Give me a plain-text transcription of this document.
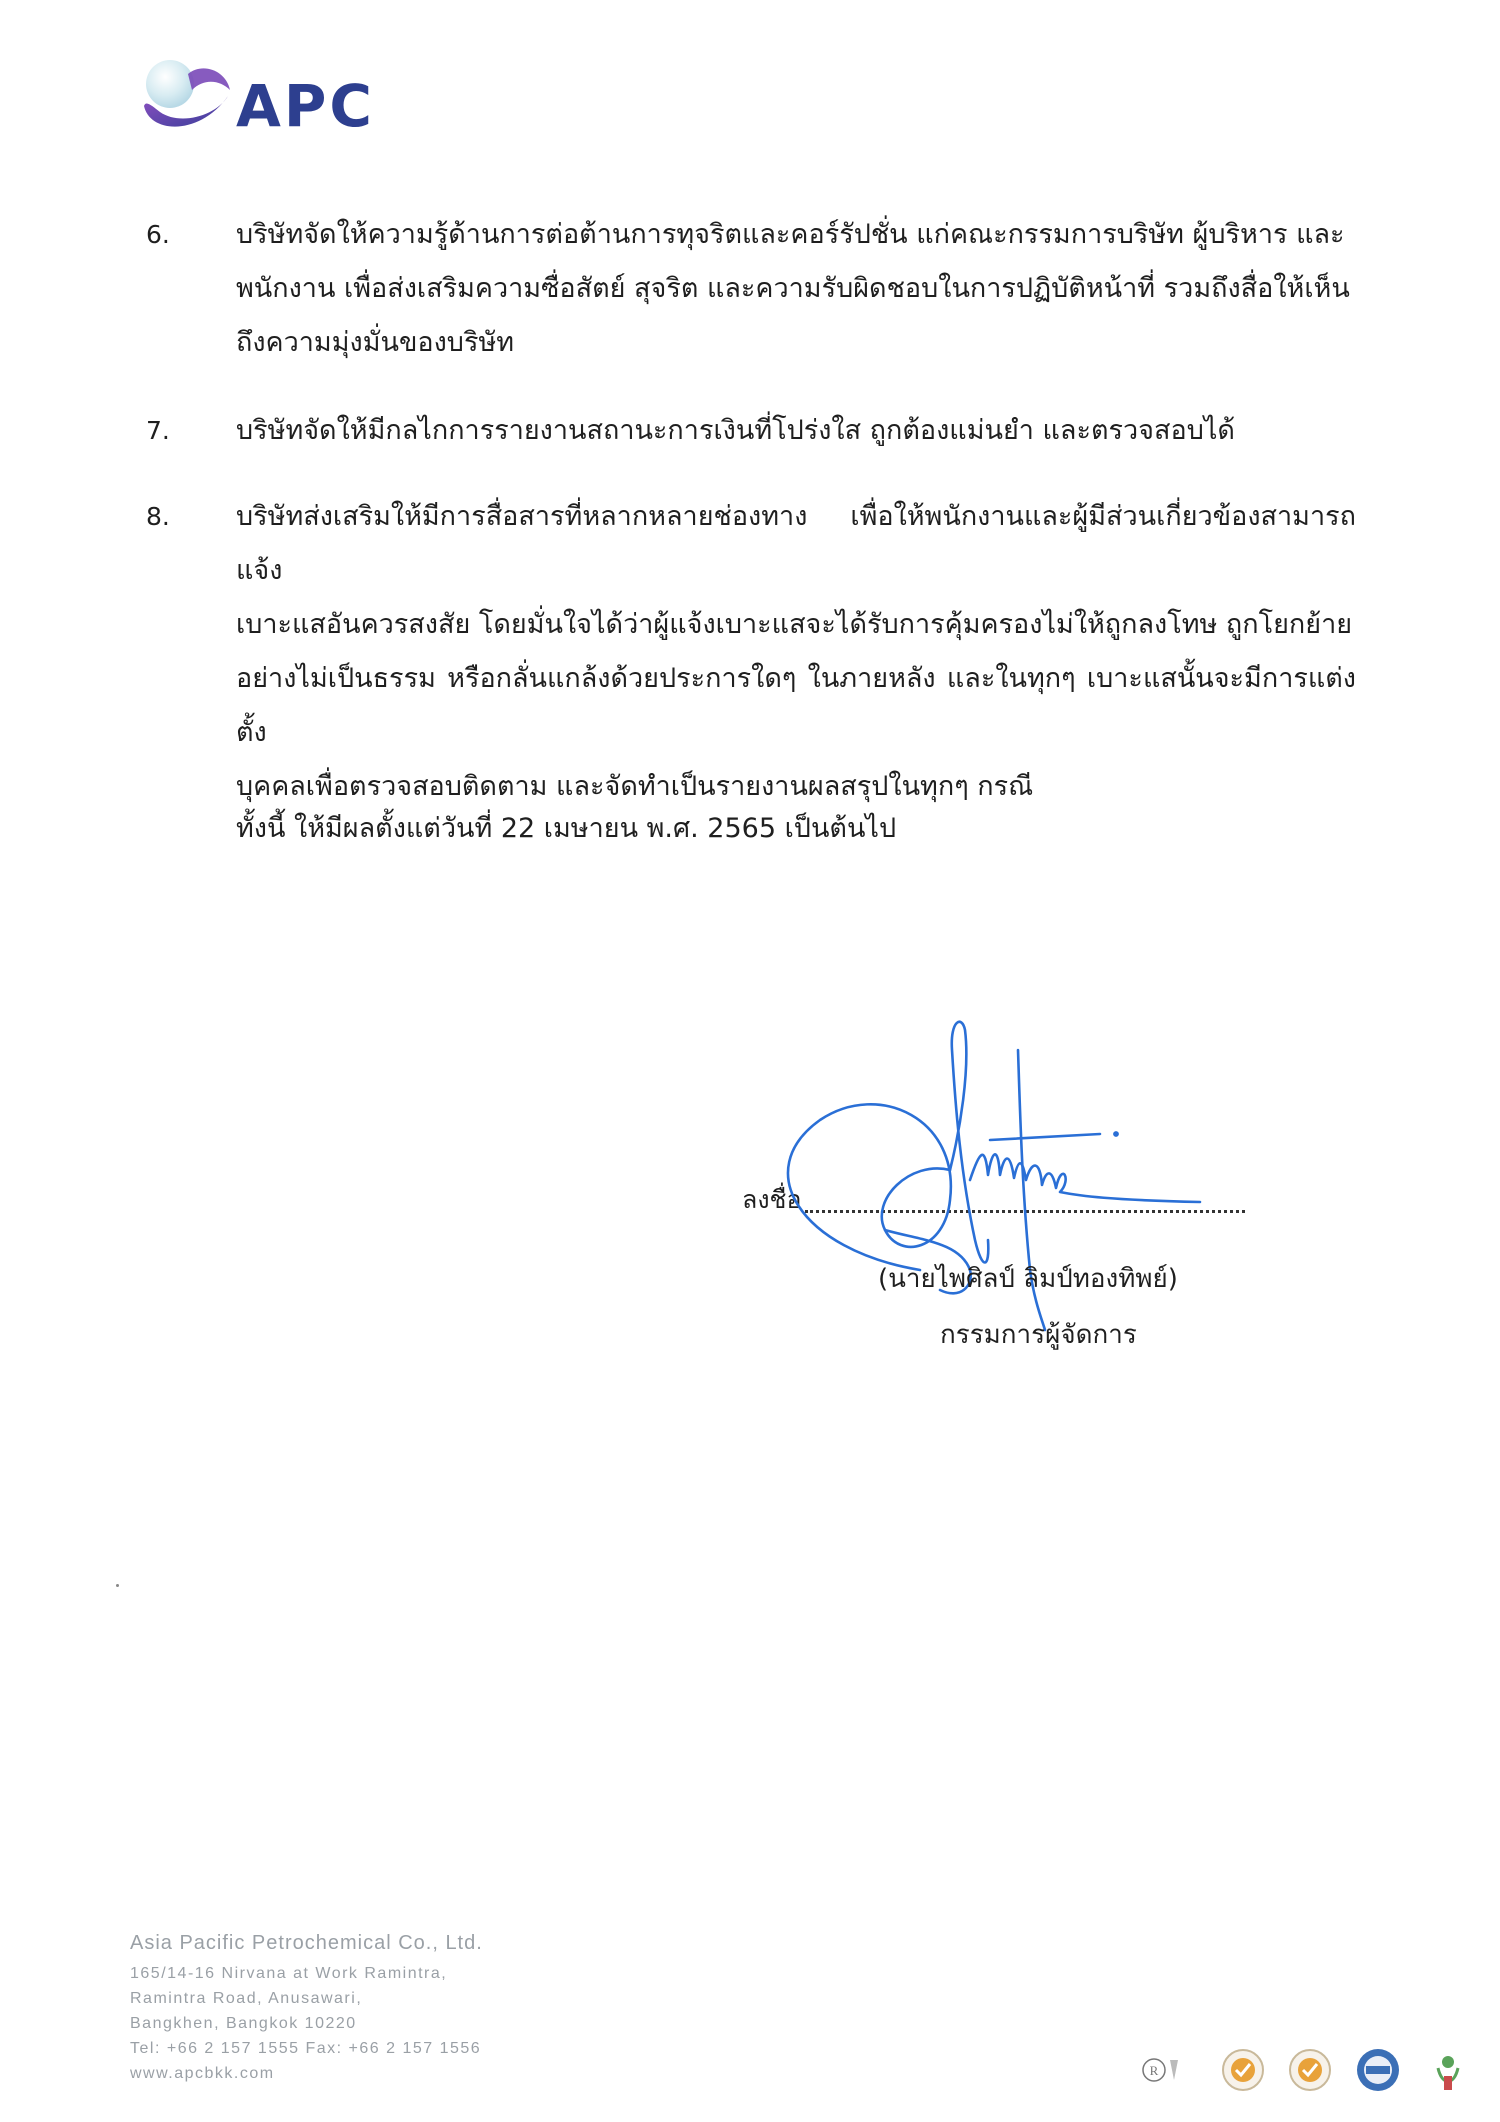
APC
6. บริษัทจัดให้ความรู้ด้านการต่อต้านการทุจริตและคอร์รัปชั่น แก่คณะกรรมการบริษัท ผู้บริหาร และ
พนักงาน เพื่อส่งเสริมความซื่อสัตย์ สุจริต และความรับผิดชอบในการปฏิบัติหน้าที่ รวมถึงสื่อให้เห็น
ถึงความมุ่งมั่นของบริษัท
7. บริษัทจัดให้มีกลไกการรายงานสถานะการเงินที่โปร่งใส ถูกต้องแม่นยำ และตรวจสอบได้
8. บริษัทส่งเสริมให้มีการสื่อสารที่หลากหลายช่องทาง เพื่อให้พนักงานและผู้มีส่วนเกี่ยวข้องสามารถแจ้ง
เบาะแสอันควรสงสัย โดยมั่นใจได้ว่าผู้แจ้งเบาะแสจะได้รับการคุ้มครองไม่ให้ถูกลงโทษ ถูกโยกย้าย
อย่างไม่เป็นธรรม หรือกลั่นแกล้งด้วยประการใดๆ ในภายหลัง และในทุกๆ เบาะแสนั้นจะมีการแต่งตั้ง
บุคคลเพื่อตรวจสอบติดตาม และจัดทำเป็นรายงานผลสรุปในทุกๆ กรณี
ทั้งนี้ ให้มีผลตั้งแต่วันที่ 22 เมษายน พ.ศ. 2565 เป็นต้นไป
ลงชื่อ
(นายไพศิลป์ ลิมป์ทองทิพย์)
กรรมการผู้จัดการ
Asia Pacific Petrochemical Co., Ltd.
165/14-16 Nirvana at Work Ramintra,
Ramintra Road, Anusawari,
Bangkhen, Bangkok 10220
Tel: +66 2 157 1555 Fax: +66 2 157 1556
www.apcbkk.com	R
